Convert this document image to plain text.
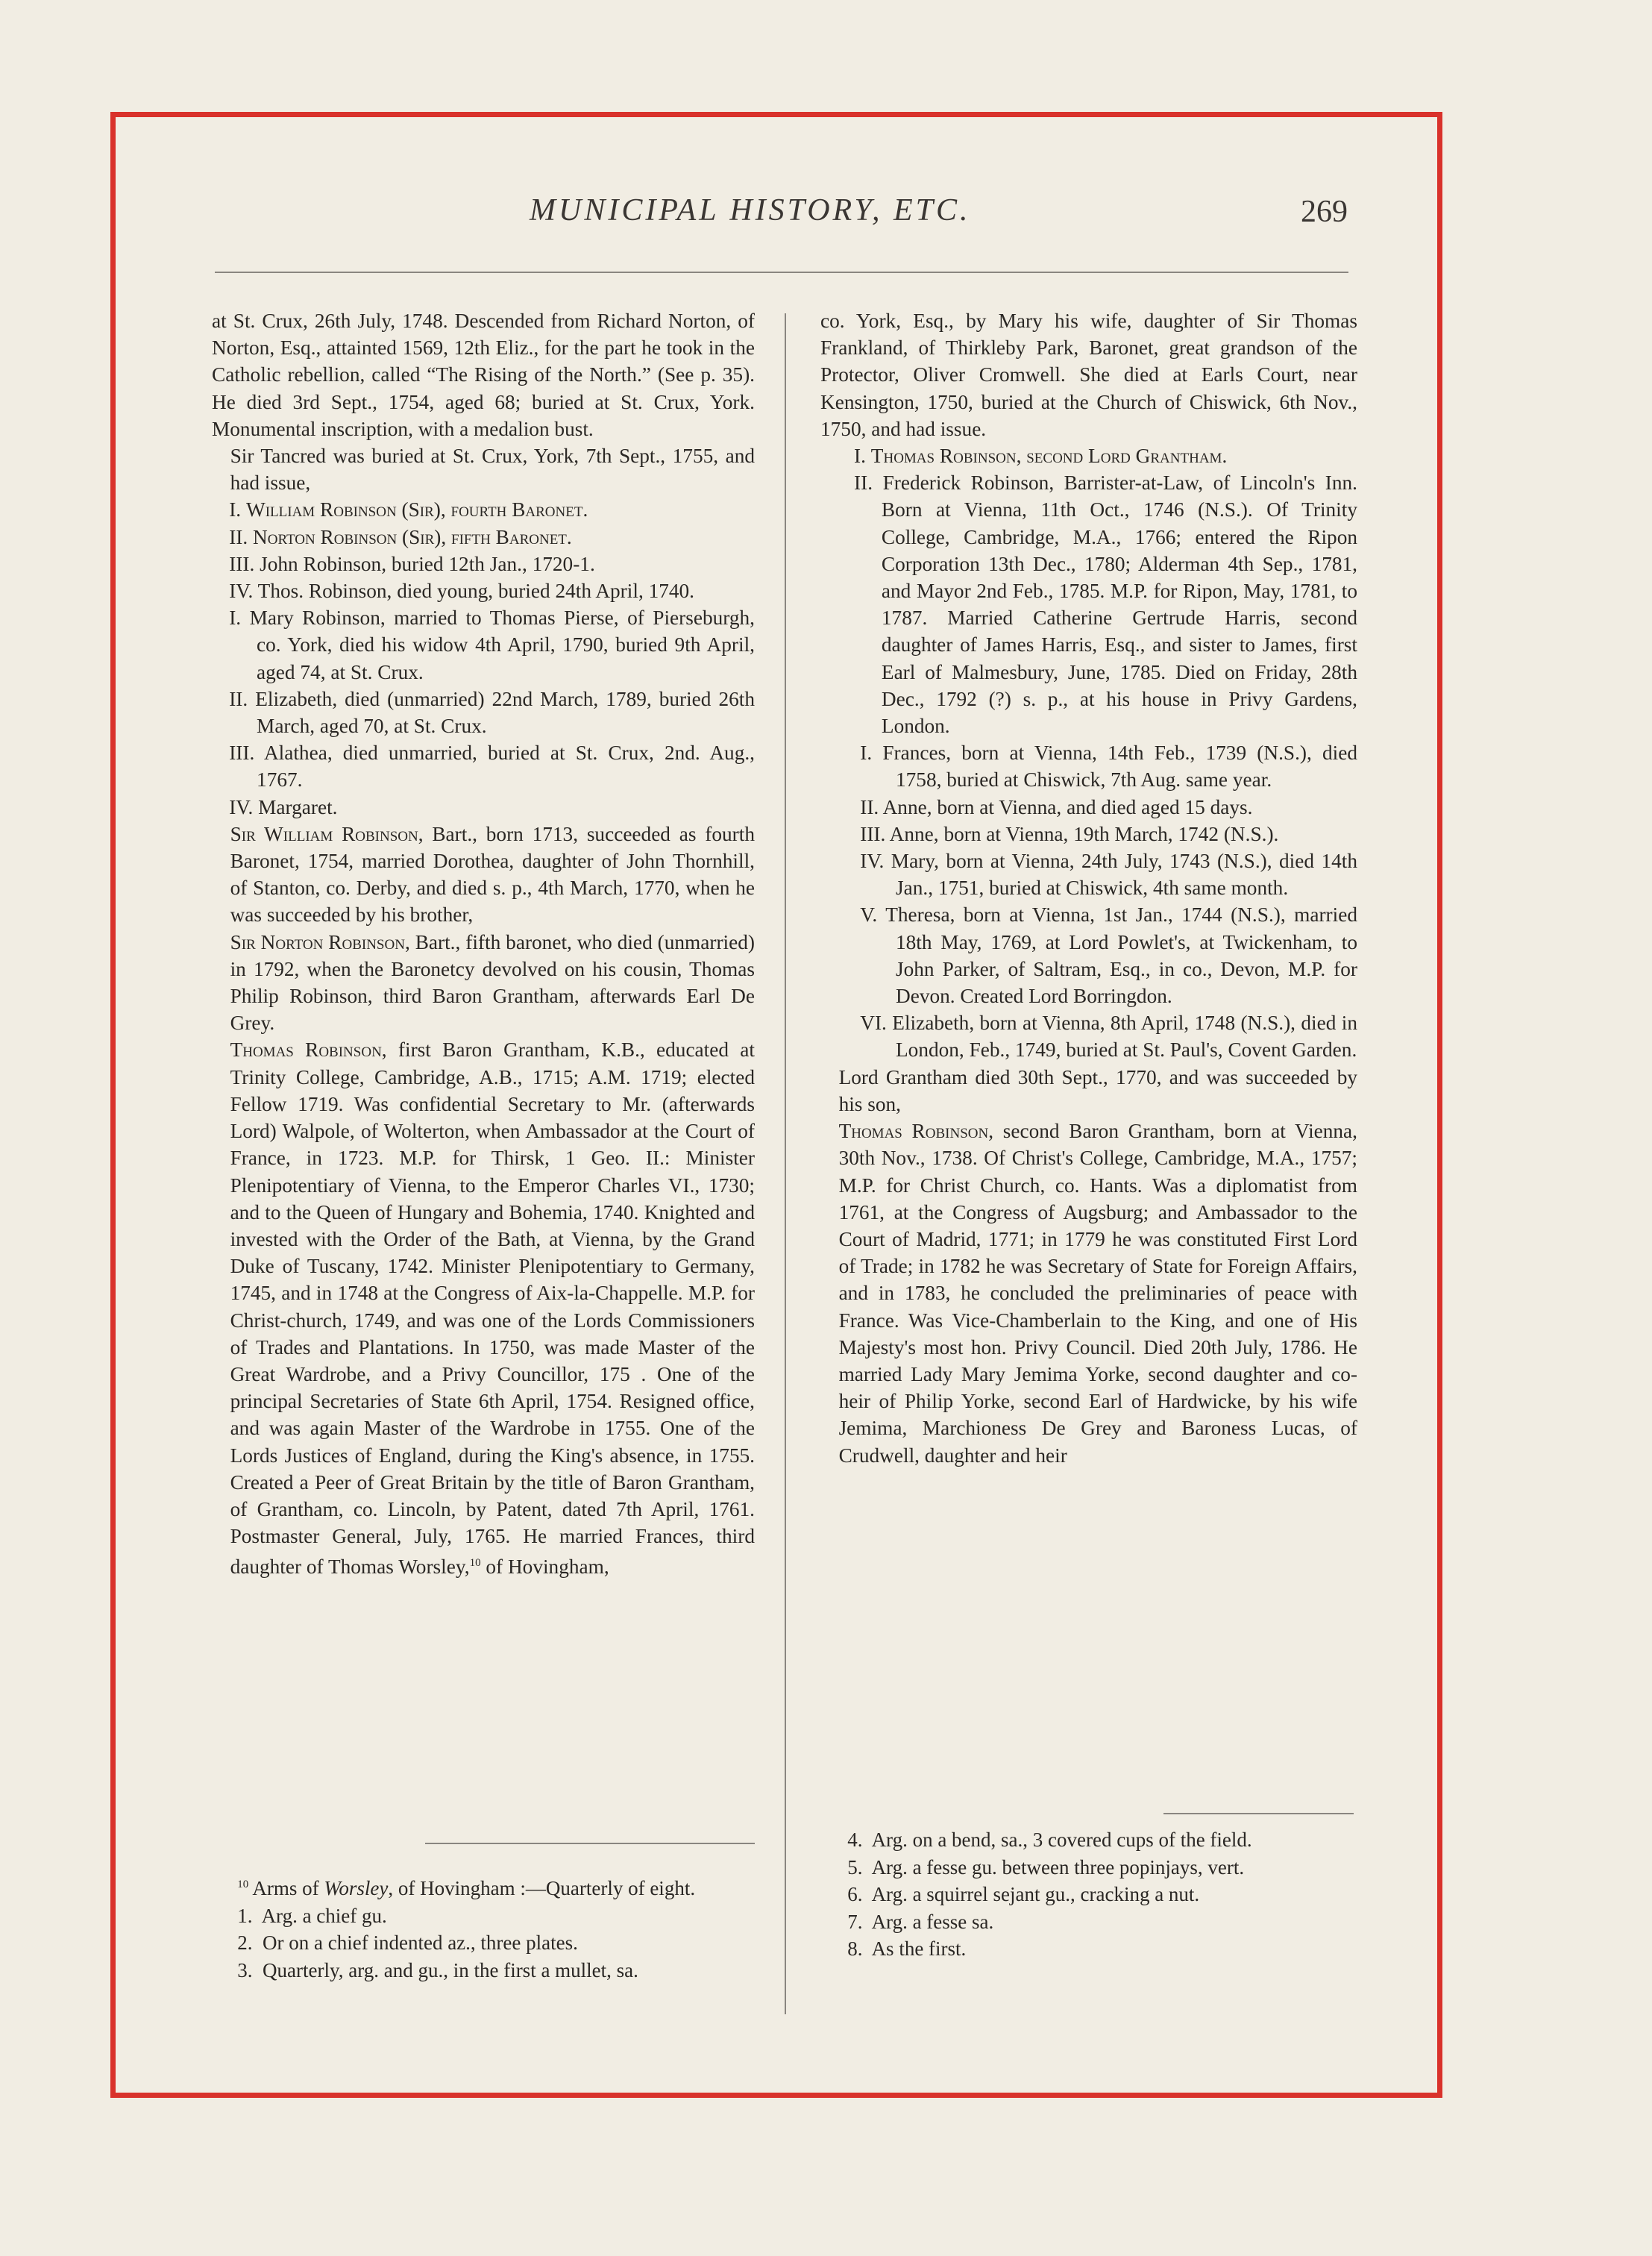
MUNICIPAL HISTORY, ETC.	269

at St. Crux, 26th July, 1748. Descended from Richard Norton, of Norton, Esq., attainted 1569, 12th Eliz., for the part he took in the Catholic rebellion, called “The Rising of the North.” (See p. 35). He died 3rd Sept., 1754, aged 68; buried at St. Crux, York. Monumental inscription, with a medalion bust.

Sir Tancred was buried at St. Crux, York, 7th Sept., 1755, and had issue,

I. William Robinson (Sir), fourth Baronet.

II. Norton Robinson (Sir), fifth Baronet.

III. John Robinson, buried 12th Jan., 1720-1.

IV. Thos. Robinson, died young, buried 24th April, 1740.

I. Mary Robinson, married to Thomas Pierse, of Pierseburgh, co. York, died his widow 4th April, 1790, buried 9th April, aged 74, at St. Crux.

II. Elizabeth, died (unmarried) 22nd March, 1789, buried 26th March, aged 70, at St. Crux.

III. Alathea, died unmarried, buried at St. Crux, 2nd. Aug., 1767.

IV. Margaret.

Sir William Robinson, Bart., born 1713, succeeded as fourth Baronet, 1754, married Dorothea, daughter of John Thornhill, of Stanton, co. Derby, and died s. p., 4th March, 1770, when he was succeeded by his brother,

Sir Norton Robinson, Bart., fifth baronet, who died (unmarried) in 1792, when the Baronetcy devolved on his cousin, Thomas Philip Robinson, third Baron Grantham, afterwards Earl De Grey.

Thomas Robinson, first Baron Grantham, K.B., educated at Trinity College, Cambridge, A.B., 1715; A.M. 1719; elected Fellow 1719. Was confidential Secretary to Mr. (afterwards Lord) Walpole, of Wolterton, when Ambassador at the Court of France, in 1723. M.P. for Thirsk, 1 Geo. II.: Minister Plenipotentiary of Vienna, to the Emperor Charles VI., 1730; and to the Queen of Hungary and Bohemia, 1740. Knighted and invested with the Order of the Bath, at Vienna, by the Grand Duke of Tuscany, 1742. Minister Plenipotentiary to Germany, 1745, and in 1748 at the Congress of Aix-la-Chappelle. M.P. for Christ-church, 1749, and was one of the Lords Commissioners of Trades and Plantations. In 1750, was made Master of the Great Wardrobe, and a Privy Councillor, 175 . One of the principal Secretaries of State 6th April, 1754. Resigned office, and was again Master of the Wardrobe in 1755. One of the Lords Justices of England, during the King's absence, in 1755. Created a Peer of Great Britain by the title of Baron Grantham, of Grantham, co. Lincoln, by Patent, dated 7th April, 1761. Postmaster General, July, 1765. He married Frances, third daughter of Thomas Worsley,$^{10}$ of Hovingham,

co. York, Esq., by Mary his wife, daughter of Sir Thomas Frankland, of Thirkleby Park, Baronet, great grandson of the Protector, Oliver Cromwell. She died at Earls Court, near Kensington, 1750, buried at the Church of Chiswick, 6th Nov., 1750, and had issue.

I. Thomas Robinson, second Lord Grantham.

II. Frederick Robinson, Barrister-at-Law, of Lincoln's Inn. Born at Vienna, 11th Oct., 1746 (N.S.). Of Trinity College, Cambridge, M.A., 1766; entered the Ripon Corporation 13th Dec., 1780; Alderman 4th Sep., 1781, and Mayor 2nd Feb., 1785. M.P. for Ripon, May, 1781, to 1787. Married Catherine Gertrude Harris, second daughter of James Harris, Esq., and sister to James, first Earl of Malmesbury, June, 1785. Died on Friday, 28th Dec., 1792 (?) s. p., at his house in Privy Gardens, London.

I. Frances, born at Vienna, 14th Feb., 1739 (N.S.), died 1758, buried at Chiswick, 7th Aug. same year.

II. Anne, born at Vienna, and died aged 15 days.

III. Anne, born at Vienna, 19th March, 1742 (N.S.).

IV. Mary, born at Vienna, 24th July, 1743 (N.S.), died 14th Jan., 1751, buried at Chiswick, 4th same month.

V. Theresa, born at Vienna, 1st Jan., 1744 (N.S.), married 18th May, 1769, at Lord Powlet's, at Twickenham, to John Parker, of Saltram, Esq., in co., Devon, M.P. for Devon. Created Lord Borringdon.

VI. Elizabeth, born at Vienna, 8th April, 1748 (N.S.), died in London, Feb., 1749, buried at St. Paul's, Covent Garden.

Lord Grantham died 30th Sept., 1770, and was succeeded by his son,

Thomas Robinson, second Baron Grantham, born at Vienna, 30th Nov., 1738. Of Christ's College, Cambridge, M.A., 1757; M.P. for Christ Church, co. Hants. Was a diplomatist from 1761, at the Congress of Augsburg; and Ambassador to the Court of Madrid, 1771; in 1779 he was constituted First Lord of Trade; in 1782 he was Secretary of State for Foreign Affairs, and in 1783, he concluded the preliminaries of peace with France. Was Vice-Chamberlain to the King, and one of His Majesty's most hon. Privy Council. Died 20th July, 1786. He married Lady Mary Jemima Yorke, second daughter and co-heir of Philip Yorke, second Earl of Hardwicke, by his wife Jemima, Marchioness De Grey and Baroness Lucas, of Crudwell, daughter and heir

$^{10}$ Arms of Worsley, of Hovingham :—Quarterly of eight.

1. Arg. a chief gu.

2. Or on a chief indented az., three plates.

3. Quarterly, arg. and gu., in the first a mullet, sa.

4. Arg. on a bend, sa., 3 covered cups of the field.

5. Arg. a fesse gu. between three popinjays, vert.

6. Arg. a squirrel sejant gu., cracking a nut.

7. Arg. a fesse sa.

8. As the first.
